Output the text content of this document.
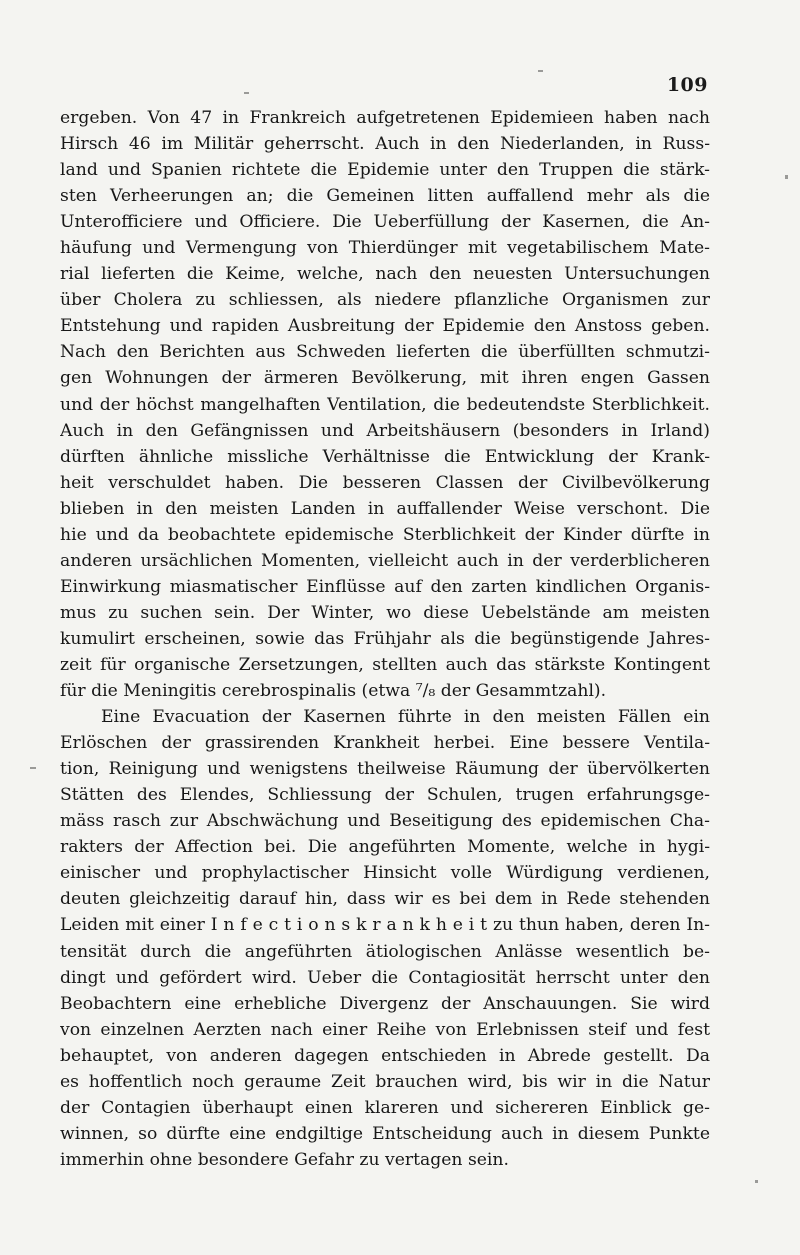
109
ergeben. Von 47 in Frankreich aufgetretenen Epidemieen haben nach
Hirsch 46 im Militär geherrscht. Auch in den Niederlanden, in Russ-
land und Spanien richtete die Epidemie unter den Truppen die stärk-
sten Verheerungen an; die Gemeinen litten auffallend mehr als die
Unterofficiere und Officiere. Die Ueberfüllung der Kasernen, die An-
häufung und Vermengung von Thierdünger mit vegetabilischem Mate-
rial lieferten die Keime, welche, nach den neuesten Untersuchungen
über Cholera zu schliessen, als niedere pflanzliche Organismen zur
Entstehung und rapiden Ausbreitung der Epidemie den Anstoss geben.
Nach den Berichten aus Schweden lieferten die überfüllten schmutzi-
gen Wohnungen der ärmeren Bevölkerung, mit ihren engen Gassen
und der höchst mangelhaften Ventilation, die bedeutendste Sterblichkeit.
Auch in den Gefängnissen und Arbeitshäusern (besonders in Irland)
dürften ähnliche missliche Verhältnisse die Entwicklung der Krank-
heit verschuldet haben. Die besseren Classen der Civilbevölkerung
blieben in den meisten Landen in auffallender Weise verschont. Die
hie und da beobachtete epidemische Sterblichkeit der Kinder dürfte in
anderen ursächlichen Momenten, vielleicht auch in der verderblicheren
Einwirkung miasmatischer Einflüsse auf den zarten kindlichen Organis-
mus zu suchen sein. Der Winter, wo diese Uebelstände am meisten
kumulirt erscheinen, sowie das Frühjahr als die begünstigende Jahres-
zeit für organische Zersetzungen, stellten auch das stärkste Kontingent
für die Meningitis cerebrospinalis (etwa ⁷/₈ der Gesammtzahl).
Eine Evacuation der Kasernen führte in den meisten Fällen ein
Erlöschen der grassirenden Krankheit herbei. Eine bessere Ventila-
tion, Reinigung und wenigstens theilweise Räumung der übervölkerten
Stätten des Elendes, Schliessung der Schulen, trugen erfahrungsge-
mäss rasch zur Abschwächung und Beseitigung des epidemischen Cha-
rakters der Affection bei. Die angeführten Momente, welche in hygi-
einischer und prophylactischer Hinsicht volle Würdigung verdienen,
deuten gleichzeitig darauf hin, dass wir es bei dem in Rede stehenden
Leiden mit einer I n f e c t i o n s k r a n k h e i t zu thun haben, deren In-
tensität durch die angeführten ätiologischen Anlässe wesentlich be-
dingt und gefördert wird. Ueber die Contagiosität herrscht unter den
Beobachtern eine erhebliche Divergenz der Anschauungen. Sie wird
von einzelnen Aerzten nach einer Reihe von Erlebnissen steif und fest
behauptet, von anderen dagegen entschieden in Abrede gestellt. Da
es hoffentlich noch geraume Zeit brauchen wird, bis wir in die Natur
der Contagien überhaupt einen klareren und sichereren Einblick ge-
winnen, so dürfte eine endgiltige Entscheidung auch in diesem Punkte
immerhin ohne besondere Gefahr zu vertagen sein.
